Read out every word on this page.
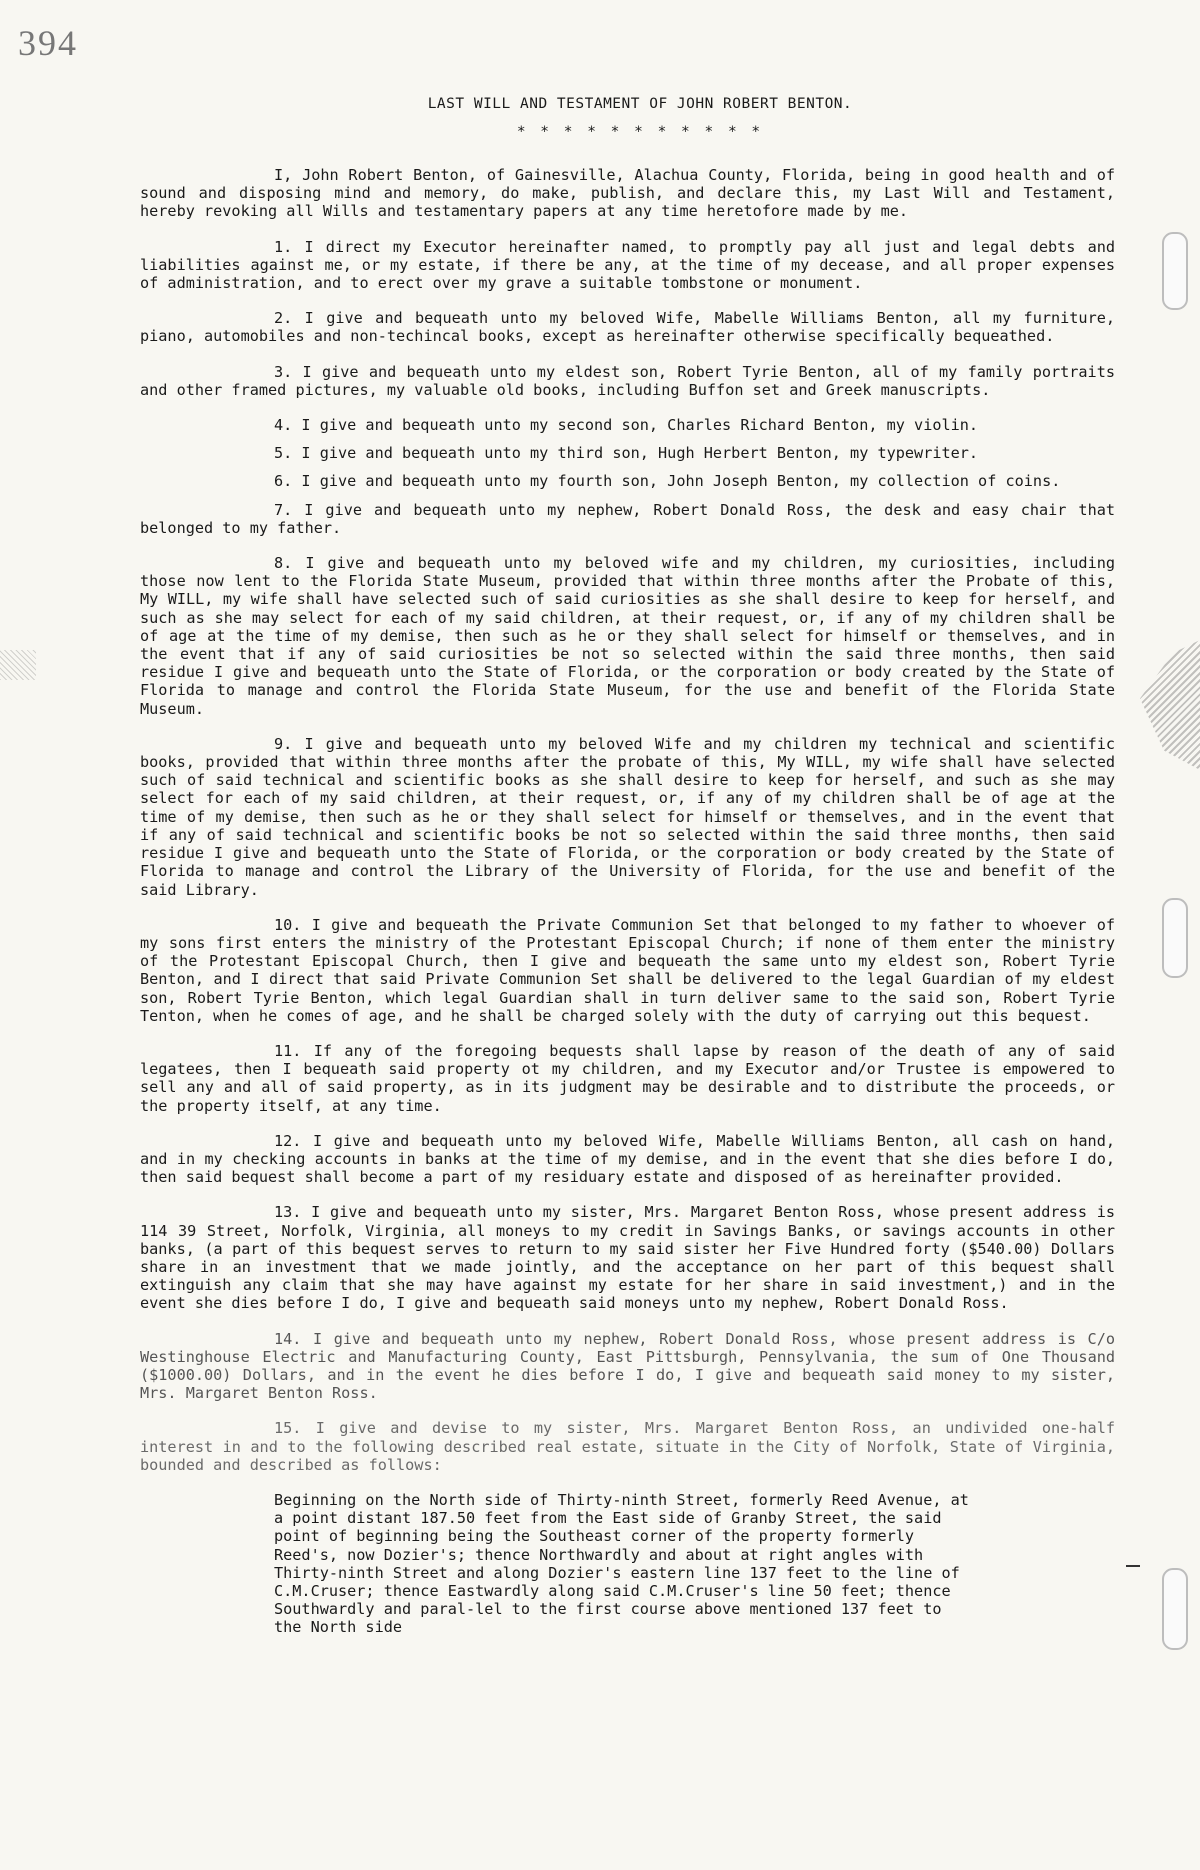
394
LAST WILL AND TESTAMENT OF JOHN ROBERT BENTON.
* * * * * * * * * * *

I, John Robert Benton, of Gainesville, Alachua County, Florida, being in good health and of sound and disposing mind and memory, do make, publish, and declare this, my Last Will and Testament, hereby revoking all Wills and testamentary papers at any time heretofore made by me.

1. I direct my Executor hereinafter named, to promptly pay all just and legal debts and liabilities against me, or my estate, if there be any, at the time of my decease, and all proper expenses of administration, and to erect over my grave a suitable tombstone or monument.

2. I give and bequeath unto my beloved Wife, Mabelle Williams Benton, all my furniture, piano, automobiles and non-techincal books, except as hereinafter otherwise specifically bequeathed.

3. I give and bequeath unto my eldest son, Robert Tyrie Benton, all of my family portraits and other framed pictures, my valuable old books, including Buffon set and Greek manuscripts.

4. I give and bequeath unto my second son, Charles Richard Benton, my violin.

5. I give and bequeath unto my third son, Hugh Herbert Benton, my typewriter.

6. I give and bequeath unto my fourth son, John Joseph Benton, my collection of coins.

7. I give and bequeath unto my nephew, Robert Donald Ross, the desk and easy chair that belonged to my father.

8. I give and bequeath unto my beloved wife and my children, my curiosities, including those now lent to the Florida State Museum, provided that within three months after the Probate of this, My WILL, my wife shall have selected such of said curiosities as she shall desire to keep for herself, and such as she may select for each of my said children, at their request, or, if any of my children shall be of age at the time of my demise, then such as he or they shall select for himself or themselves, and in the event that if any of said curiosities be not so selected within the said three months, then said residue I give and bequeath unto the State of Florida, or the corporation or body created by the State of Florida to manage and control the Florida State Museum, for the use and benefit of the Florida State Museum.

9. I give and bequeath unto my beloved Wife and my children my technical and scientific books, provided that within three months after the probate of this, My WILL, my wife shall have selected such of said technical and scientific books as she shall desire to keep for herself, and such as she may select for each of my said children, at their request, or, if any of my children shall be of age at the time of my demise, then such as he or they shall select for himself or themselves, and in the event that if any of said technical and scientific books be not so selected within the said three months, then said residue I give and bequeath unto the State of Florida, or the corporation or body created by the State of Florida to manage and control the Library of the University of Florida, for the use and benefit of the said Library.

10. I give and bequeath the Private Communion Set that belonged to my father to whoever of my sons first enters the ministry of the Protestant Episcopal Church; if none of them enter the ministry of the Protestant Episcopal Church, then I give and bequeath the same unto my eldest son, Robert Tyrie Benton, and I direct that said Private Communion Set shall be delivered to the legal Guardian of my eldest son, Robert Tyrie Benton, which legal Guardian shall in turn deliver same to the said son, Robert Tyrie Tenton, when he comes of age, and he shall be charged solely with the duty of carrying out this bequest.

11. If any of the foregoing bequests shall lapse by reason of the death of any of said legatees, then I bequeath said property ot my children, and my Executor and/or Trustee is empowered to sell any and all of said property, as in its judgment may be desirable and to distribute the proceeds, or the property itself, at any time.

12. I give and bequeath unto my beloved Wife, Mabelle Williams Benton, all cash on hand, and in my checking accounts in banks at the time of my demise, and in the event that she dies before I do, then said bequest shall become a part of my residuary estate and disposed of as hereinafter provided.

13. I give and bequeath unto my sister, Mrs. Margaret Benton Ross, whose present address is 114 39 Street, Norfolk, Virginia, all moneys to my credit in Savings Banks, or savings accounts in other banks, (a part of this bequest serves to return to my said sister her Five Hundred forty ($540.00) Dollars share in an investment that we made jointly, and the acceptance on her part of this bequest shall extinguish any claim that she may have against my estate for her share in said investment,) and in the event she dies before I do, I give and bequeath said moneys unto my nephew, Robert Donald Ross.

14. I give and bequeath unto my nephew, Robert Donald Ross, whose present address is C/o Westinghouse Electric and Manufacturing County, East Pittsburgh, Pennsylvania, the sum of One Thousand ($1000.00) Dollars, and in the event he dies before I do, I give and bequeath said money to my sister, Mrs. Margaret Benton Ross.

15. I give and devise to my sister, Mrs. Margaret Benton Ross, an undivided one-half interest in and to the following described real estate, situate in the City of Norfolk, State of Virginia, bounded and described as follows:

Beginning on the North side of Thirty-ninth Street, formerly Reed Avenue, at a point distant 187.50 feet from the East side of Granby Street, the said point of beginning being the Southeast corner of the property formerly Reed's, now Dozier's; thence Northwardly and about at right angles with Thirty-ninth Street and along Dozier's eastern line 137 feet to the line of C.M.Cruser; thence Eastwardly along said C.M.Cruser's line 50 feet; thence Southwardly and paral-lel to the first course above mentioned 137 feet to the North side
